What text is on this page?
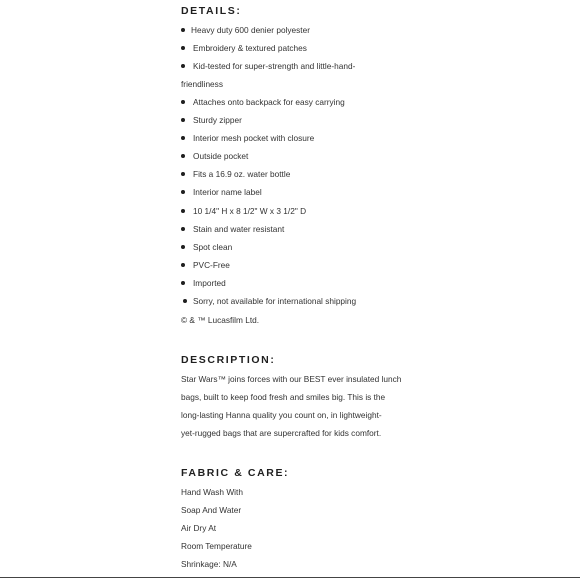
DETAILS:
Heavy duty 600 denier polyester
Embroidery & textured patches
Kid-tested for super-strength and little-hand-
friendliness
Attaches onto backpack for easy carrying
Sturdy zipper
Interior mesh pocket with closure
Outside pocket
Fits a 16.9 oz. water bottle
Interior name label
10 1/4" H x 8 1/2" W x 3 1/2" D
Stain and water resistant
Spot clean
PVC-Free
Imported
Sorry, not available for international shipping
© & ™ Lucasfilm Ltd.
DESCRIPTION:
Star Wars™ joins forces with our BEST ever insulated lunch
bags, built to keep food fresh and smiles big. This is the
long-lasting Hanna quality you count on, in lightweight-
yet-rugged bags that are supercrafted for kids comfort.
FABRIC & CARE:
Hand Wash With
Soap And Water
Air Dry At
Room Temperature
Shrinkage: N/A
